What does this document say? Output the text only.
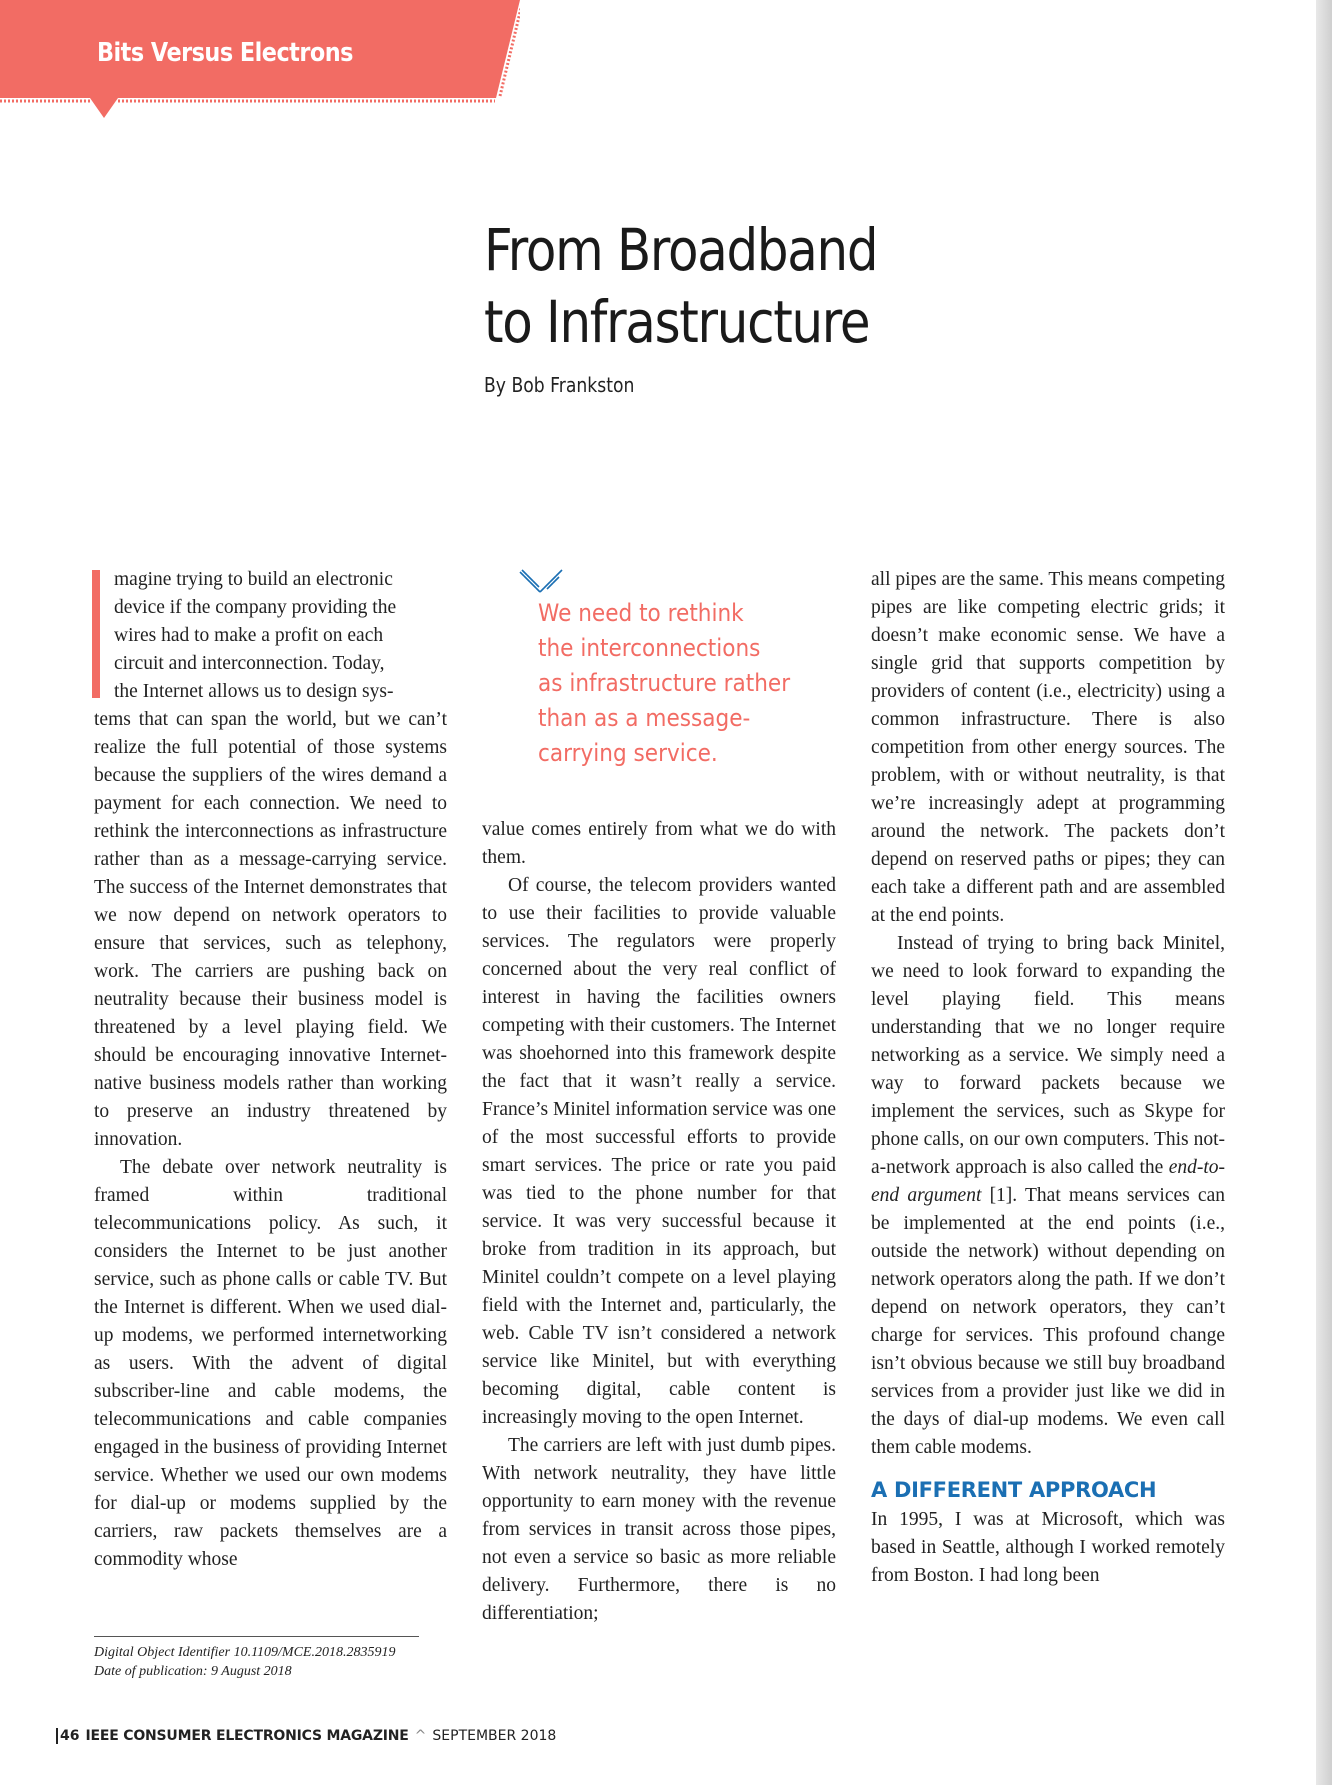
Bits Versus Electrons
From Broadband
to Infrastructure
By Bob Frankston

magine trying to build an electronic
device if the company providing the
wires had to make a profit on each
circuit and interconnection. Today,
the Internet allows us to design sys-
tems that can span the world, but we can’t realize the full potential of those systems because the suppliers of the wires demand a payment for each connection. We need to rethink the interconnections as infrastructure rather than as a message-carrying service. The success of the Internet demonstrates that we now depend on network operators to ensure that services, such as telephony, work. The carriers are pushing back on neutrality because their business model is threatened by a level playing field. We should be encouraging innovative Internet-native business models rather than working to preserve an industry threatened by innovation.

The debate over network neutrality is framed within traditional telecommunications policy. As such, it considers the Internet to be just another service, such as phone calls or cable TV. But the Internet is different. When we used dial-up modems, we performed internetworking as users. With the advent of digital subscriber-line and cable modems, the telecommunications and cable companies engaged in the business of providing Internet service. Whether we used our own modems for dial-up or modems supplied by the carriers, raw packets themselves are a commodity whose

We need to rethink
the interconnections
as infrastructure rather
than as a message-
carrying service.

value comes entirely from what we do with them.

Of course, the telecom providers wanted to use their facilities to provide valuable services. The regulators were properly concerned about the very real conflict of interest in having the facilities owners competing with their customers. The Internet was shoehorned into this framework despite the fact that it wasn’t really a service. France’s Minitel information service was one of the most successful efforts to provide smart services. The price or rate you paid was tied to the phone number for that service. It was very successful because it broke from tradition in its approach, but Minitel couldn’t compete on a level playing field with the Internet and, particularly, the web. Cable TV isn’t considered a network service like Minitel, but with everything becoming digital, cable content is increasingly moving to the open Internet.

The carriers are left with just dumb pipes. With network neutrality, they have little opportunity to earn money with the revenue from services in transit across those pipes, not even a service so basic as more reliable delivery. Furthermore, there is no differentiation;

all pipes are the same. This means competing pipes are like competing electric grids; it doesn’t make economic sense. We have a single grid that supports competition by providers of content (i.e., electricity) using a common infrastructure. There is also competition from other energy sources. The problem, with or without neutrality, is that we’re increasingly adept at programming around the network. The packets don’t depend on reserved paths or pipes; they can each take a different path and are assembled at the end points.

Instead of trying to bring back Minitel, we need to look forward to expanding the level playing field. This means understanding that we no longer require networking as a service. We simply need a way to forward packets because we implement the services, such as Skype for phone calls, on our own computers. This not-a-network approach is also called the end-to-end argument [1]. That means services can be implemented at the end points (i.e., outside the network) without depending on network operators along the path. If we don’t depend on network operators, they can’t charge for services. This profound change isn’t obvious because we still buy broadband services from a provider just like we did in the days of dial-up modems. We even call them cable modems.

A DIFFERENT APPROACH

In 1995, I was at Microsoft, which was based in Seattle, although I worked remotely from Boston. I had long been

Digital Object Identifier 10.1109/MCE.2018.2835919
Date of publication: 9 August 2018
46 IEEE CONSUMER ELECTRONICS MAGAZINE ^ SEPTEMBER 2018
